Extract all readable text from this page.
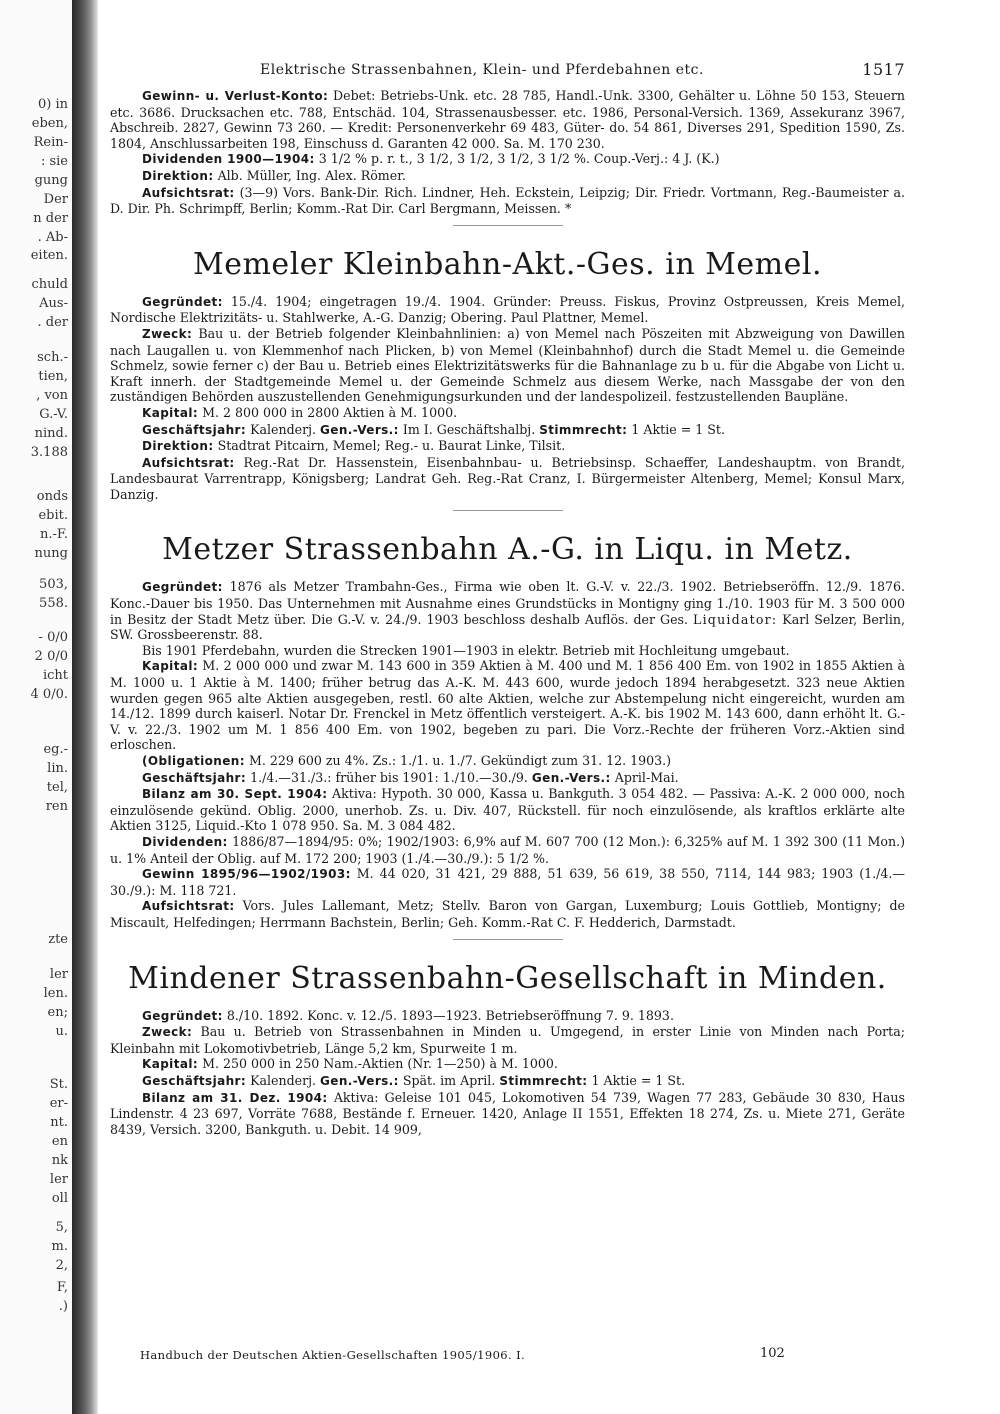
0) in
eben,
Rein-
: sie
gung
Der
n der
. Ab-
eiten.
chuld
Aus-
. der
sch.-
tien,
, von
G.-V.
nind.
3.188
onds
ebit.
n.-F.
nung
503,
558.
- 0/0
2 0/0
icht
4 0/0.
eg.-
lin.
tel,
ren
zte
ler
len.
en;
u.
St.
er-
nt.
en
nk
ler
oll
5,
m.
2,
F,
.)
Elektrische Strassenbahnen, Klein- und Pferdebahnen etc.	1517

Gewinn- u. Verlust-Konto: Debet: Betriebs-Unk. etc. 28 785, Handl.-Unk. 3300, Gehälter u. Löhne 50 153, Steuern etc. 3686. Drucksachen etc. 788, Entschäd. 104, Strassenausbesser. etc. 1986, Personal-Versich. 1369, Assekuranz 3967, Abschreib. 2827, Gewinn 73 260. — Kredit: Personenverkehr 69 483, Güter- do. 54 861, Diverses 291, Spedition 1590, Zs. 1804, Anschlussarbeiten 198, Einschuss d. Garanten 42 000. Sa. M. 170 230.

Dividenden 1900—1904: 3 1/2 % p. r. t., 3 1/2, 3 1/2, 3 1/2, 3 1/2 %. Coup.-Verj.: 4 J. (K.)

Direktion: Alb. Müller, Ing. Alex. Römer.

Aufsichtsrat: (3—9) Vors. Bank-Dir. Rich. Lindner, Heh. Eckstein, Leipzig; Dir. Friedr. Vortmann, Reg.-Baumeister a. D. Dir. Ph. Schrimpff, Berlin; Komm.-Rat Dir. Carl Bergmann, Meissen. *

Memeler Kleinbahn-Akt.-Ges. in Memel.

Gegründet: 15./4. 1904; eingetragen 19./4. 1904. Gründer: Preuss. Fiskus, Provinz Ostpreussen, Kreis Memel, Nordische Elektrizitäts- u. Stahlwerke, A.-G. Danzig; Obering. Paul Plattner, Memel.

Zweck: Bau u. der Betrieb folgender Kleinbahnlinien: a) von Memel nach Pöszeiten mit Abzweigung von Dawillen nach Laugallen u. von Klemmenhof nach Plicken, b) von Memel (Kleinbahnhof) durch die Stadt Memel u. die Gemeinde Schmelz, sowie ferner c) der Bau u. Betrieb eines Elektrizitätswerks für die Bahnanlage zu b u. für die Abgabe von Licht u. Kraft innerh. der Stadtgemeinde Memel u. der Gemeinde Schmelz aus diesem Werke, nach Massgabe der von den zuständigen Behörden auszustellenden Genehmigungsurkunden und der landespolizeil. festzustellenden Baupläne.

Kapital: M. 2 800 000 in 2800 Aktien à M. 1000.

Geschäftsjahr: Kalenderj. Gen.-Vers.: Im I. Geschäftshalbj. Stimmrecht: 1 Aktie = 1 St.

Direktion: Stadtrat Pitcairn, Memel; Reg.- u. Baurat Linke, Tilsit.

Aufsichtsrat: Reg.-Rat Dr. Hassenstein, Eisenbahnbau- u. Betriebsinsp. Schaeffer, Landeshauptm. von Brandt, Landesbaurat Varrentrapp, Königsberg; Landrat Geh. Reg.-Rat Cranz, I. Bürgermeister Altenberg, Memel; Konsul Marx, Danzig.

Metzer Strassenbahn A.-G. in Liqu. in Metz.

Gegründet: 1876 als Metzer Trambahn-Ges., Firma wie oben lt. G.-V. v. 22./3. 1902. Betriebseröffn. 12./9. 1876. Konc.-Dauer bis 1950. Das Unternehmen mit Ausnahme eines Grundstücks in Montigny ging 1./10. 1903 für M. 3 500 000 in Besitz der Stadt Metz über. Die G.-V. v. 24./9. 1903 beschloss deshalb Auflös. der Ges. Liquidator: Karl Selzer, Berlin, SW. Grossbeerenstr. 88.

Bis 1901 Pferdebahn, wurden die Strecken 1901—1903 in elektr. Betrieb mit Hochleitung umgebaut.

Kapital: M. 2 000 000 und zwar M. 143 600 in 359 Aktien à M. 400 und M. 1 856 400 Em. von 1902 in 1855 Aktien à M. 1000 u. 1 Aktie à M. 1400; früher betrug das A.-K. M. 443 600, wurde jedoch 1894 herabgesetzt. 323 neue Aktien wurden gegen 965 alte Aktien ausgegeben, restl. 60 alte Aktien, welche zur Abstempelung nicht eingereicht, wurden am 14./12. 1899 durch kaiserl. Notar Dr. Frenckel in Metz öffentlich versteigert. A.-K. bis 1902 M. 143 600, dann erhöht lt. G.-V. v. 22./3. 1902 um M. 1 856 400 Em. von 1902, begeben zu pari. Die Vorz.-Rechte der früheren Vorz.-Aktien sind erloschen.

(Obligationen: M. 229 600 zu 4%. Zs.: 1./1. u. 1./7. Gekündigt zum 31. 12. 1903.)

Geschäftsjahr: 1./4.—31./3.: früher bis 1901: 1./10.—30./9. Gen.-Vers.: April-Mai.

Bilanz am 30. Sept. 1904: Aktiva: Hypoth. 30 000, Kassa u. Bankguth. 3 054 482. — Passiva: A.-K. 2 000 000, noch einzulösende gekünd. Oblig. 2000, unerhob. Zs. u. Div. 407, Rückstell. für noch einzulösende, als kraftlos erklärte alte Aktien 3125, Liquid.-Kto 1 078 950. Sa. M. 3 084 482.

Dividenden: 1886/87—1894/95: 0%; 1902/1903: 6,9% auf M. 607 700 (12 Mon.): 6,325% auf M. 1 392 300 (11 Mon.) u. 1% Anteil der Oblig. auf M. 172 200; 1903 (1./4.—30./9.): 5 1/2 %.

Gewinn 1895/96—1902/1903: M. 44 020, 31 421, 29 888, 51 639, 56 619, 38 550, 7114, 144 983; 1903 (1./4.—30./9.): M. 118 721.

Aufsichtsrat: Vors. Jules Lallemant, Metz; Stellv. Baron von Gargan, Luxemburg; Louis Gottlieb, Montigny; de Miscault, Helfedingen; Herrmann Bachstein, Berlin; Geh. Komm.-Rat C. F. Hedderich, Darmstadt.

Mindener Strassenbahn-Gesellschaft in Minden.

Gegründet: 8./10. 1892. Konc. v. 12./5. 1893—1923. Betriebseröffnung 7. 9. 1893.

Zweck: Bau u. Betrieb von Strassenbahnen in Minden u. Umgegend, in erster Linie von Minden nach Porta; Kleinbahn mit Lokomotivbetrieb, Länge 5,2 km, Spurweite 1 m.

Kapital: M. 250 000 in 250 Nam.-Aktien (Nr. 1—250) à M. 1000.

Geschäftsjahr: Kalenderj. Gen.-Vers.: Spät. im April. Stimmrecht: 1 Aktie = 1 St.

Bilanz am 31. Dez. 1904: Aktiva: Geleise 101 045, Lokomotiven 54 739, Wagen 77 283, Gebäude 30 830, Haus Lindenstr. 4 23 697, Vorräte 7688, Bestände f. Erneuer. 1420, Anlage II 1551, Effekten 18 274, Zs. u. Miete 271, Geräte 8439, Versich. 3200, Bankguth. u. Debit. 14 909,

Handbuch der Deutschen Aktien-Gesellschaften 1905/1906. I.	102
